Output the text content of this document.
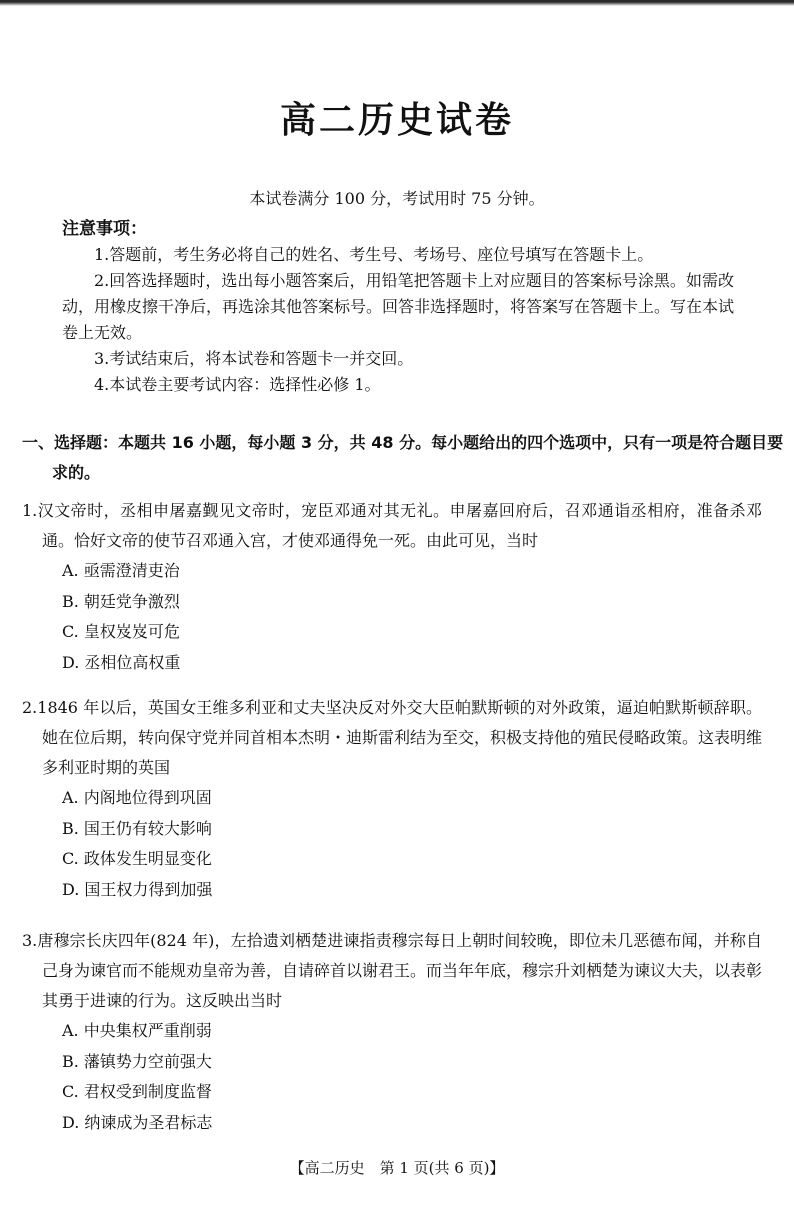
高二历史试卷
本试卷满分 100 分，考试用时 75 分钟。
注意事项：

1.答题前，考生务必将自己的姓名、考生号、考场号、座位号填写在答题卡上。

2.回答选择题时，选出每小题答案后，用铅笔把答题卡上对应题目的答案标号涂黑。如需改动，用橡皮擦干净后，再选涂其他答案标号。回答非选择题时，将答案写在答题卡上。写在本试卷上无效。

3.考试结束后，将本试卷和答题卡一并交回。

4.本试卷主要考试内容：选择性必修 1。

一、选择题：本题共 16 小题，每小题 3 分，共 48 分。每小题给出的四个选项中，只有一项是符合题目要求的。

1.汉文帝时，丞相申屠嘉觐见文帝时，宠臣邓通对其无礼。申屠嘉回府后，召邓通诣丞相府，准备杀邓通。恰好文帝的使节召邓通入宫，才使邓通得免一死。由此可见，当时

A. 亟需澄清吏治

B. 朝廷党争激烈

C. 皇权岌岌可危

D. 丞相位高权重

2.1846 年以后，英国女王维多利亚和丈夫坚决反对外交大臣帕默斯顿的对外政策，逼迫帕默斯顿辞职。她在位后期，转向保守党并同首相本杰明・迪斯雷利结为至交，积极支持他的殖民侵略政策。这表明维多利亚时期的英国

A. 内阁地位得到巩固

B. 国王仍有较大影响

C. 政体发生明显变化

D. 国王权力得到加强

3.唐穆宗长庆四年(824 年)，左拾遗刘栖楚进谏指责穆宗每日上朝时间较晚，即位未几恶德布闻，并称自己身为谏官而不能规劝皇帝为善，自请碎首以谢君王。而当年年底，穆宗升刘栖楚为谏议大夫，以表彰其勇于进谏的行为。这反映出当时

A. 中央集权严重削弱

B. 藩镇势力空前强大

C. 君权受到制度监督

D. 纳谏成为圣君标志

【高二历史　第 1 页(共 6 页)】
